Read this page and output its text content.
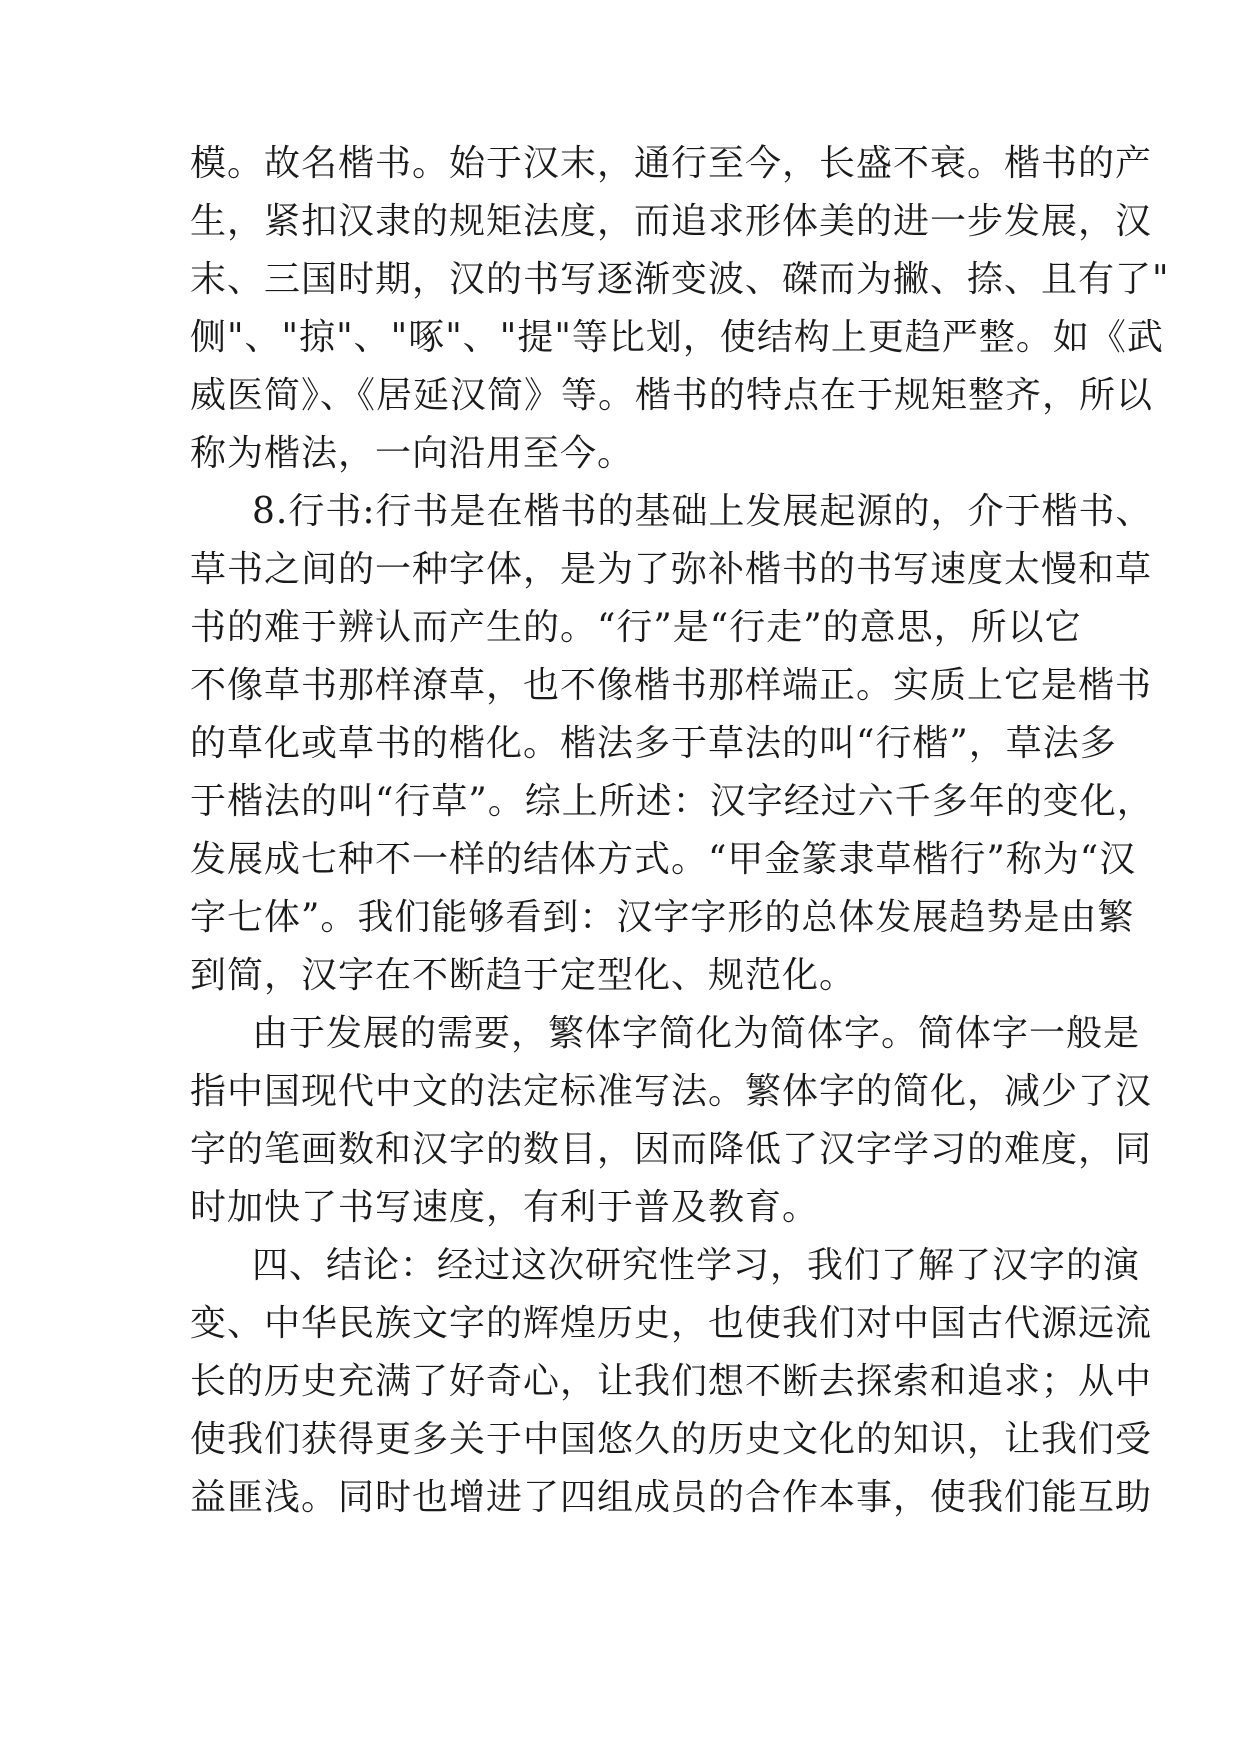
模。故名楷书。始于汉末，通行至今，长盛不衰。楷书的产
生，紧扣汉隶的规矩法度，而追求形体美的进一步发展，汉
末、三国时期，汉的书写逐渐变波、磔而为撇、捺、且有了"
侧"、"掠"、"啄"、"提"等比划，使结构上更趋严整。如《武
威医简》、《居延汉简》等。楷书的特点在于规矩整齐，所以
称为楷法，一向沿用至今。
8.行书:行书是在楷书的基础上发展起源的，介于楷书、
草书之间的一种字体，是为了弥补楷书的书写速度太慢和草
书的难于辨认而产生的。“行”是“行走”的意思，所以它
不像草书那样潦草，也不像楷书那样端正。实质上它是楷书
的草化或草书的楷化。楷法多于草法的叫“行楷”，草法多
于楷法的叫“行草”。综上所述：汉字经过六千多年的变化，
发展成七种不一样的结体方式。“甲金篆隶草楷行”称为“汉
字七体”。我们能够看到：汉字字形的总体发展趋势是由繁
到简，汉字在不断趋于定型化、规范化。
由于发展的需要，繁体字简化为简体字。简体字一般是
指中国现代中文的法定标准写法。繁体字的简化，减少了汉
字的笔画数和汉字的数目，因而降低了汉字学习的难度，同
时加快了书写速度，有利于普及教育。
四、结论：经过这次研究性学习，我们了解了汉字的演
变、中华民族文字的辉煌历史，也使我们对中国古代源远流
长的历史充满了好奇心，让我们想不断去探索和追求；从中
使我们获得更多关于中国悠久的历史文化的知识，让我们受
益匪浅。同时也增进了四组成员的合作本事，使我们能互助
